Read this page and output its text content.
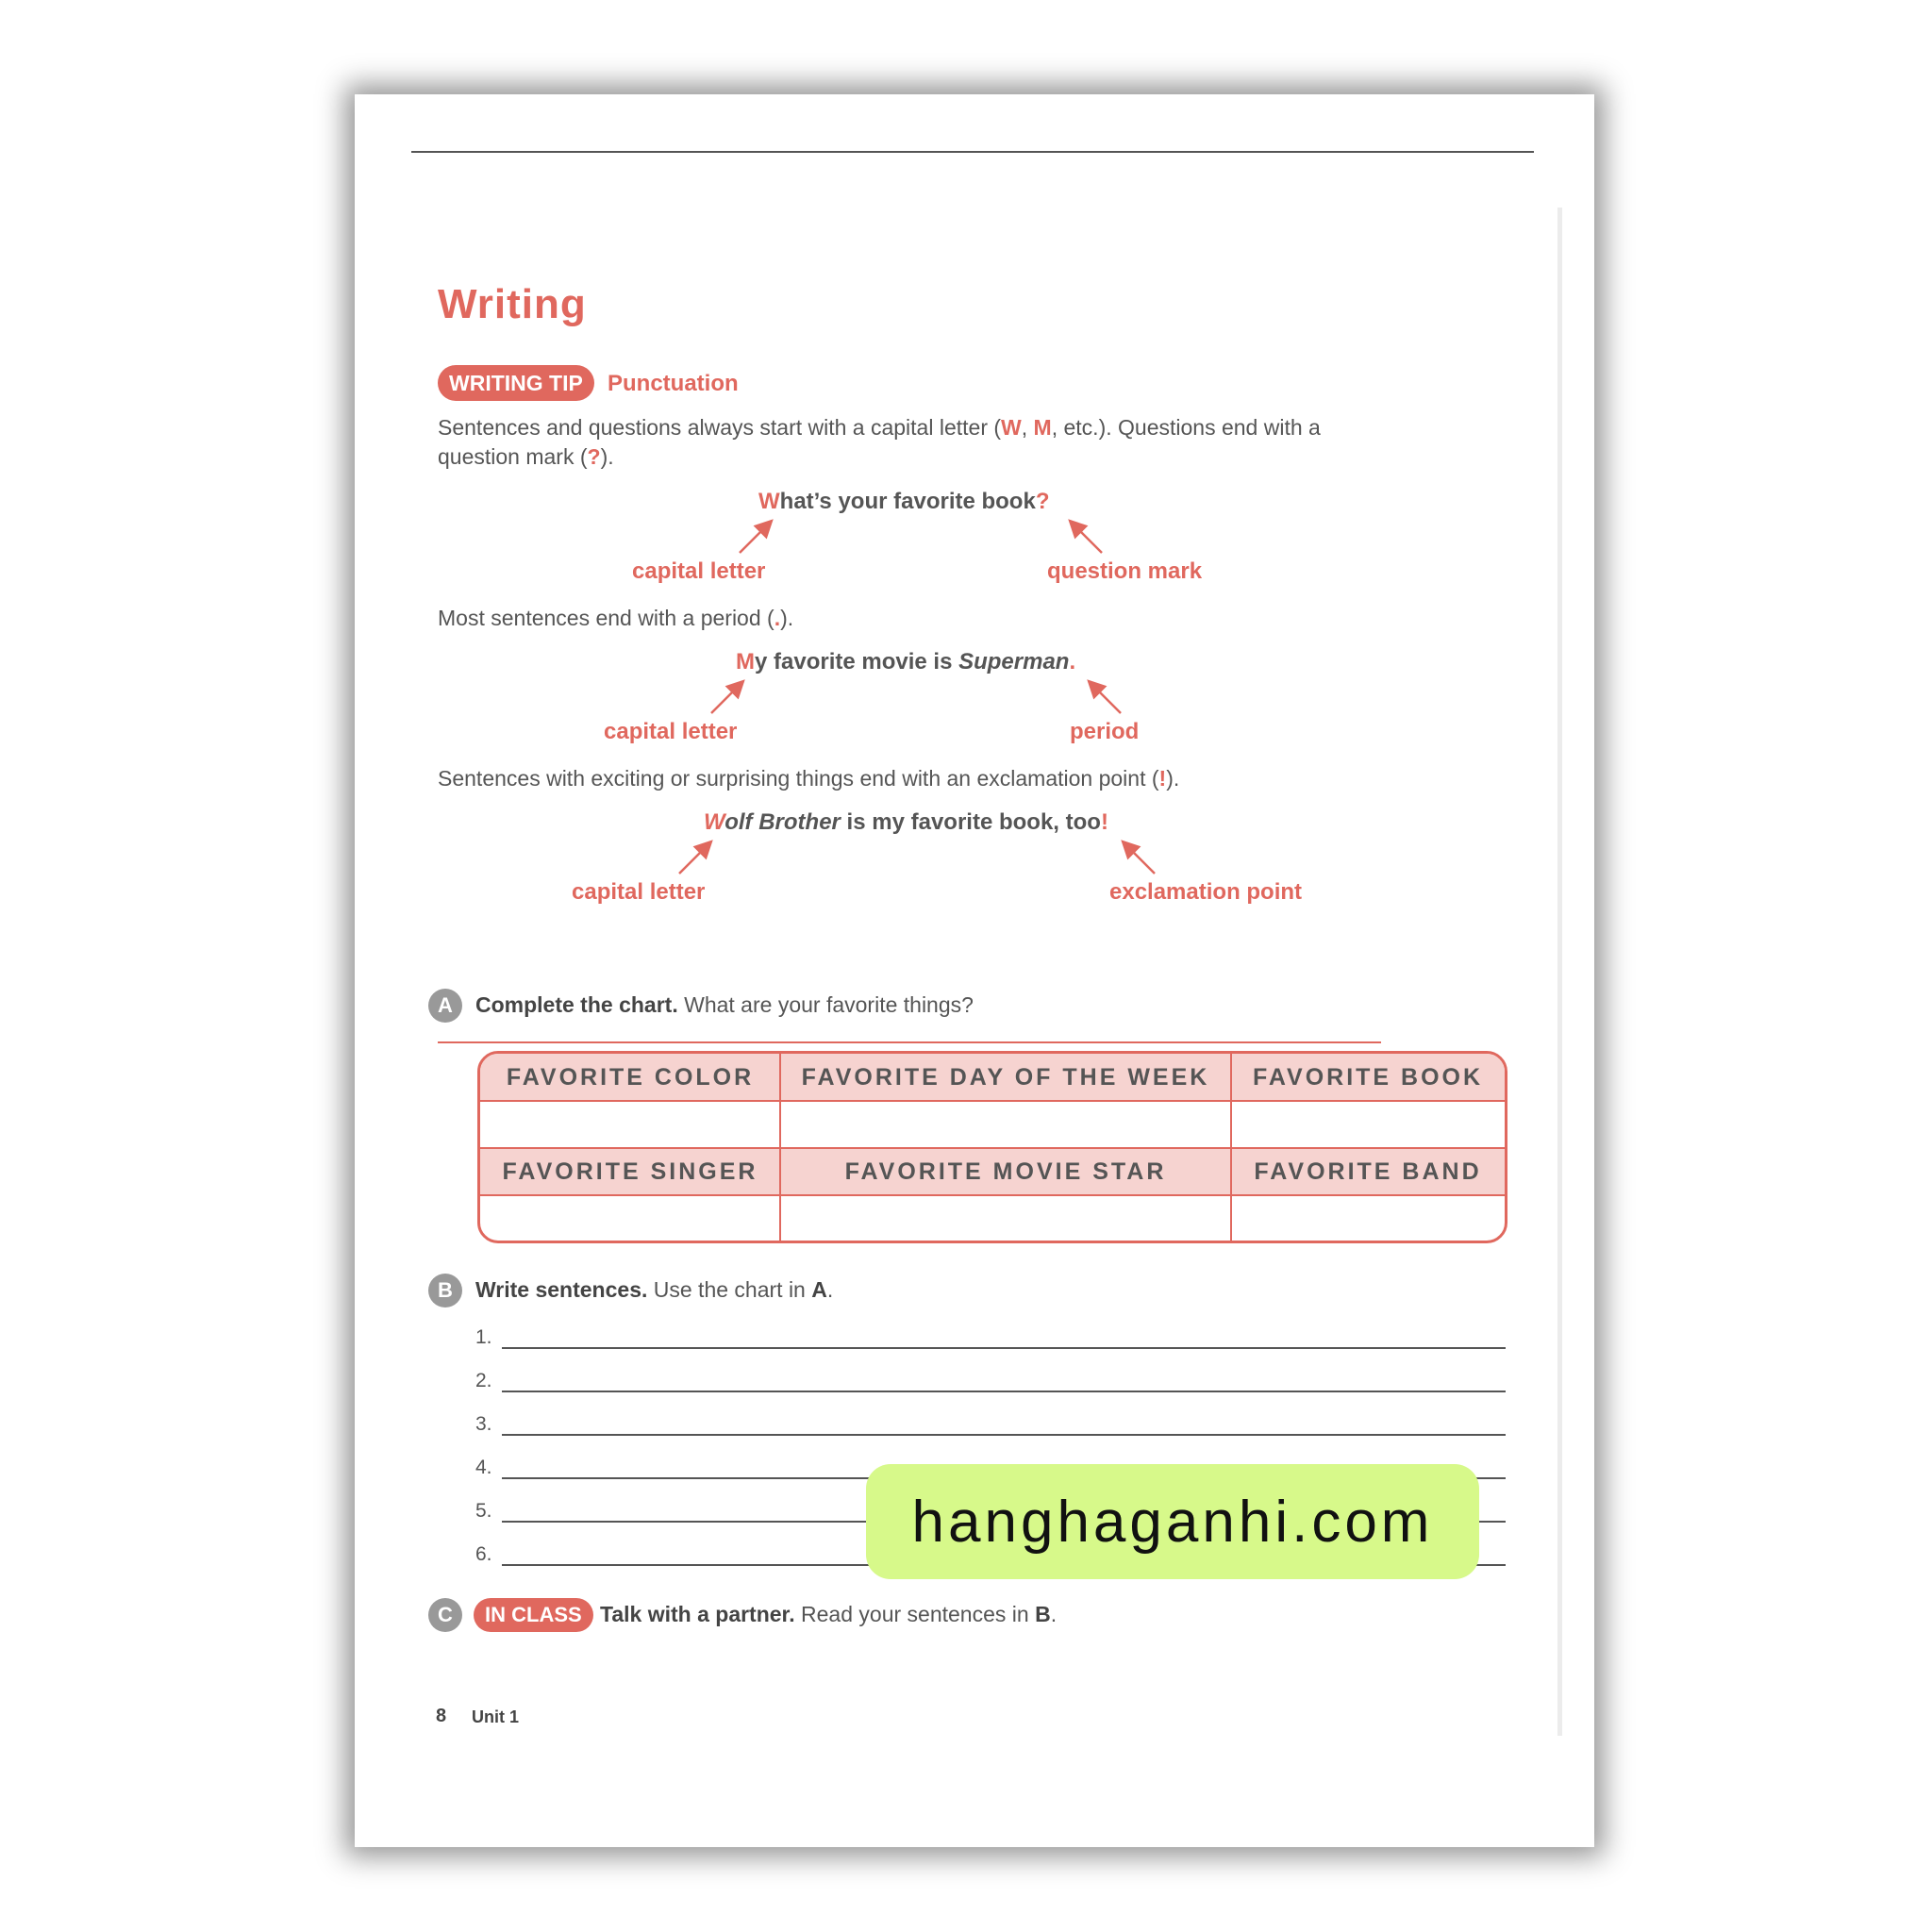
Writing
WRITING TIP	Punctuation
Sentences and questions always start with a capital letter (W, M, etc.). Questions end with a question mark (?).
What’s your favorite book?
capital letter	question mark
Most sentences end with a period (.).
My favorite movie is Superman.
capital letter	period
Sentences with exciting or surprising things end with an exclamation point (!).
Wolf Brother is my favorite book, too!
capital letter	exclamation point
A	Complete the chart. What are your favorite things?
FAVORITE COLOR	FAVORITE DAY OF THE WEEK	FAVORITE BOOK
FAVORITE SINGER	FAVORITE MOVIE STAR	FAVORITE BAND
B	Write sentences. Use the chart in A.
1.
2.
3.
4.
5.
6.
C	IN CLASS Talk with a partner. Read your sentences in B.
8 Unit 1
hanghaganhi.com
